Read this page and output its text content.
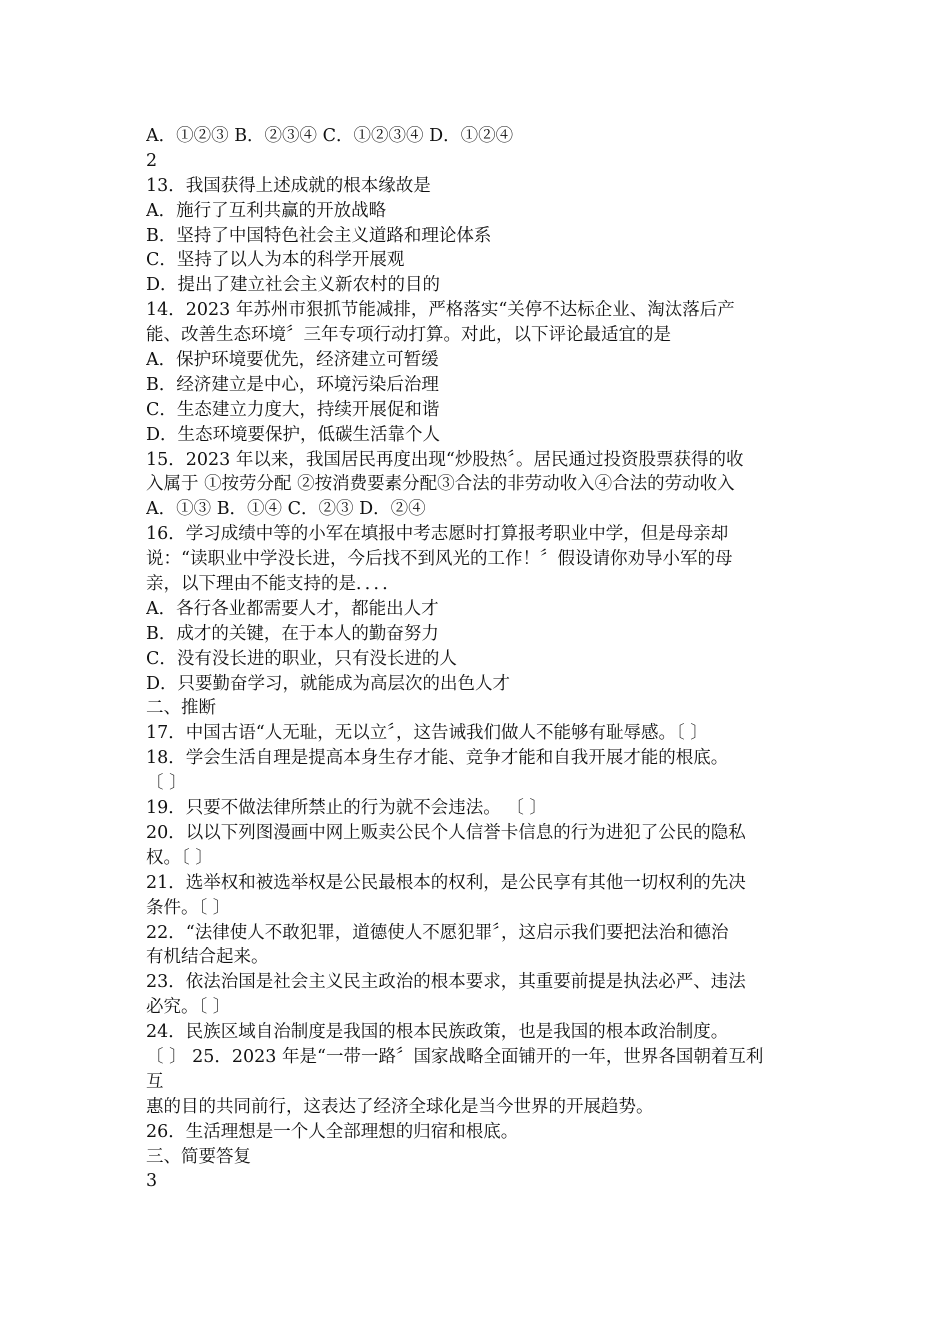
A．①②③ B．②③④ C．①②③④ D．①②④
2
13．我国获得上述成就的根本缘故是
A．施行了互利共赢的开放战略
B．坚持了中国特色社会主义道路和理论体系
C．坚持了以人为本的科学开展观
D．提出了建立社会主义新农村的目的
14．2023 年苏州市狠抓节能减排，严格落实“关停不达标企业、淘汰落后产
能、改善生态环境〞三年专项行动打算。对此，以下评论最适宜的是
A．保护环境要优先，经济建立可暂缓
B．经济建立是中心，环境污染后治理
C．生态建立力度大，持续开展促和谐
D．生态环境要保护，低碳生活靠个人
15．2023 年以来，我国居民再度出现“炒股热〞。居民通过投资股票获得的收
入属于 ①按劳分配 ②按消费要素分配③合法的非劳动收入④合法的劳动收入
A．①③ B．①④ C．②③ D．②④
16．学习成绩中等的小军在填报中考志愿时打算报考职业中学，但是母亲却
说：“读职业中学没长进，今后找不到风光的工作！〞假设请你劝导小军的母
亲，以下理由不能支持的是．．．．
A．各行各业都需要人才，都能出人才
B．成才的关键，在于本人的勤奋努力
C．没有没长进的职业，只有没长进的人
D．只要勤奋学习，就能成为高层次的出色人才
二、推断
17．中国古语“人无耻，无以立〞，这告诫我们做人不能够有耻辱感。〔 〕
18．学会生活自理是提高本身生存才能、竞争才能和自我开展才能的根底。
〔 〕
19．只要不做法律所禁止的行为就不会违法。 〔 〕
20．以以下列图漫画中网上贩卖公民个人信誉卡信息的行为进犯了公民的隐私
权。〔 〕
21．选举权和被选举权是公民最根本的权利，是公民享有其他一切权利的先决
条件。〔 〕
22．“法律使人不敢犯罪，道德使人不愿犯罪〞，这启示我们要把法治和德治
有机结合起来。
23．依法治国是社会主义民主政治的根本要求，其重要前提是执法必严、违法
必究。〔 〕
24．民族区域自治制度是我国的根本民族政策，也是我国的根本政治制度。
〔 〕 25．2023 年是“一带一路〞国家战略全面铺开的一年，世界各国朝着互利
互
惠的目的共同前行，这表达了经济全球化是当今世界的开展趋势。
26．生活理想是一个人全部理想的归宿和根底。
三、简要答复
3
